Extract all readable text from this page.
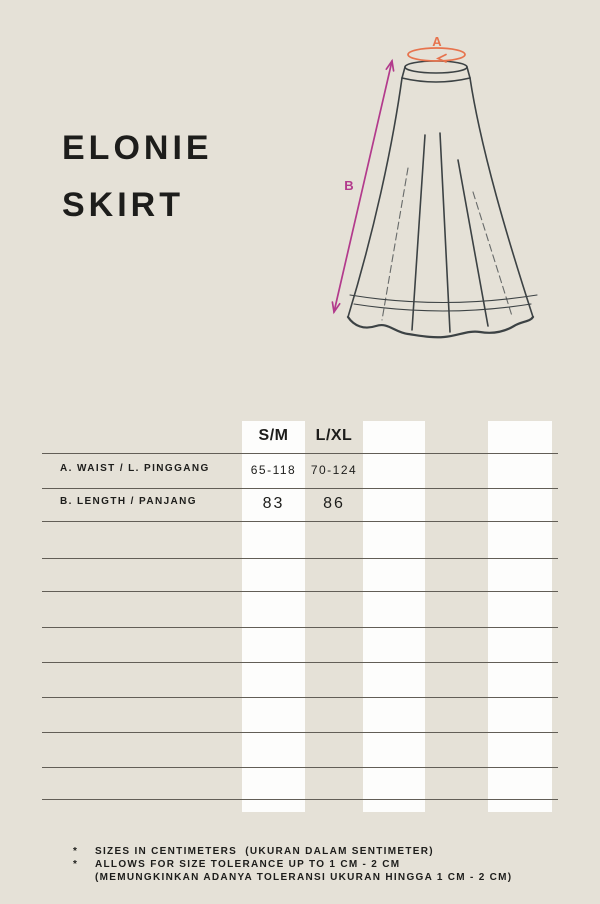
ELONIE
SKIRT
A
B
S/M L/XL
A. WAIST / L. PINGGANG	65-118 70-124
B. LENGTH / PANJANG	83 86
*	SIZES IN CENTIMETERS  (UKURAN DALAM SENTIMETER)
*	ALLOWS FOR SIZE TOLERANCE UP TO 1 CM - 2 CM
(MEMUNGKINKAN ADANYA TOLERANSI UKURAN HINGGA 1 CM - 2 CM)
